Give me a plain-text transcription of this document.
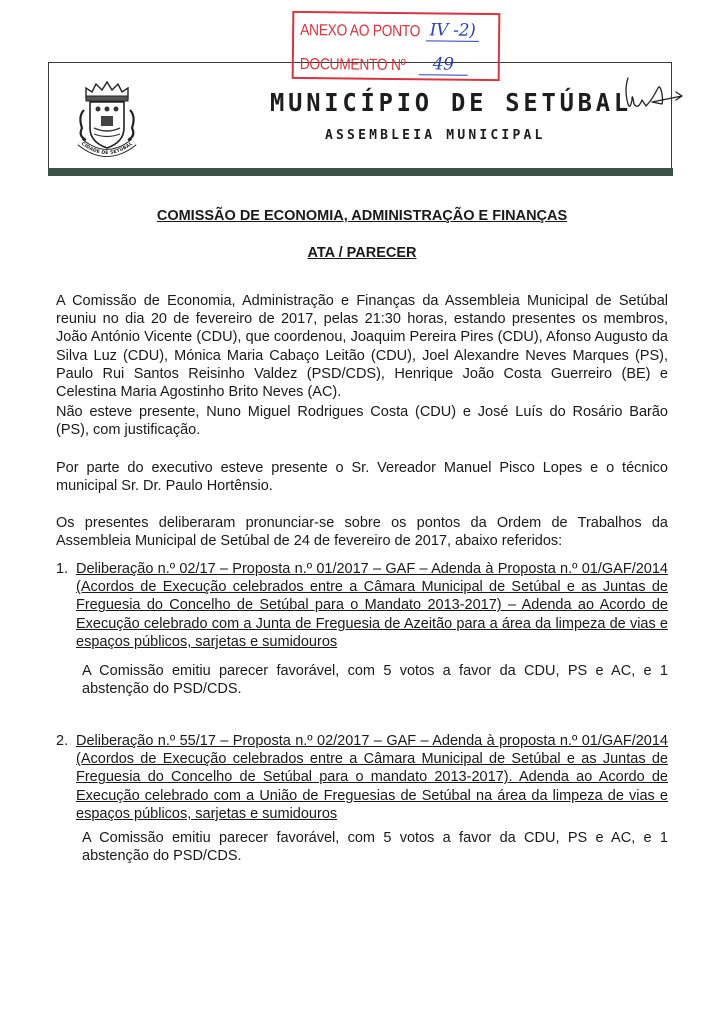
CIDADE DE SETÚBAL
MUNICÍPIO DE SETÚBAL
ASSEMBLEIA MUNICIPAL
ANEXO AO PONTO IV -2)
DOCUMENTO Nº	49
COMISSÃO DE ECONOMIA, ADMINISTRAÇÃO E FINANÇAS
ATA / PARECER
A Comissão de Economia, Administração e Finanças da Assembleia Municipal de Setúbal reuniu no dia 20 de fevereiro de 2017, pelas 21:30 horas, estando presentes os membros, João António Vicente (CDU), que coordenou, Joaquim Pereira Pires (CDU), Afonso Augusto da Silva Luz (CDU), Mónica Maria Cabaço Leitão (CDU), Joel Alexandre Neves Marques (PS), Paulo Rui Santos Reisinho Valdez (PSD/CDS), Henrique João Costa Guerreiro (BE) e Celestina Maria Agostinho Brito Neves (AC).
Não esteve presente, Nuno Miguel Rodrigues Costa (CDU) e José Luís do Rosário Barão (PS), com justificação.
Por parte do executivo esteve presente o Sr. Vereador Manuel Pisco Lopes e o técnico municipal Sr. Dr. Paulo Hortênsio.
Os presentes deliberaram pronunciar-se sobre os pontos da Ordem de Trabalhos da Assembleia Municipal de Setúbal de 24 de fevereiro de 2017, abaixo referidos:
1. Deliberação n.º 02/17 – Proposta n.º 01/2017 – GAF – Adenda à Proposta n.º 01/GAF/2014 (Acordos de Execução celebrados entre a Câmara Municipal de Setúbal e as Juntas de Freguesia do Concelho de Setúbal para o Mandato 2013-2017) – Adenda ao Acordo de Execução celebrado com a Junta de Freguesia de Azeitão para a área da limpeza de vias e espaços públicos, sarjetas e sumidouros
A Comissão emitiu parecer favorável, com 5 votos a favor da CDU, PS e AC, e 1 abstenção do PSD/CDS.
2. Deliberação n.º 55/17 – Proposta n.º 02/2017 – GAF – Adenda à proposta n.º 01/GAF/2014 (Acordos de Execução celebrados entre a Câmara Municipal de Setúbal e as Juntas de Freguesia do Concelho de Setúbal para o mandato 2013-2017). Adenda ao Acordo de Execução celebrado com a União de Freguesias de Setúbal na área da limpeza de vias e espaços públicos, sarjetas e sumidouros
A Comissão emitiu parecer favorável, com 5 votos a favor da CDU, PS e AC, e 1 abstenção do PSD/CDS.
